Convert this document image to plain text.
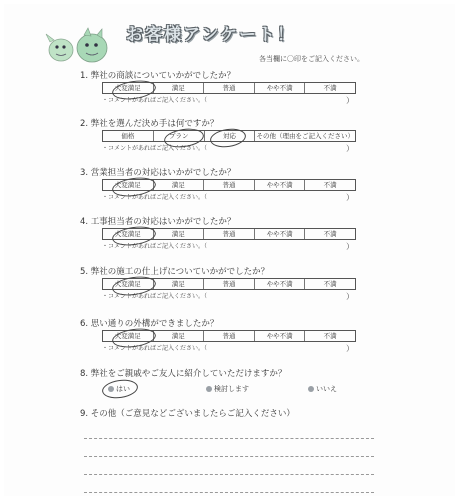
お客様アンケート！
各当欄に〇印をご記入ください。
1. 弊社の商談についていかがでしたか？
大変満足	満足	普通	やや不満	不満
・コメントがあればご記入ください。（	）
2. 弊社を選んだ決め手は何ですか？
価格	プラン	対応	その他（理由をご記入ください）
・コメントがあればご記入ください。（	）
3. 営業担当者の対応はいかがでしたか？
大変満足	満足	普通	やや不満	不満
・コメントがあればご記入ください。（	）
4. 工事担当者の対応はいかがでしたか？
大変満足	満足	普通	やや不満	不満
・コメントがあればご記入ください。（	）
5. 弊社の施工の仕上げについていかがでしたか？
大変満足	満足	普通	やや不満	不満
・コメントがあればご記入ください。（	）
6. 思い通りの外構ができましたか？
大変満足	満足	普通	やや不満	不満
・コメントがあればご記入ください。（	）
8. 弊社をご親戚やご友人に紹介していただけますか？
はい	検討します	いいえ
9. その他（ご意見などございましたらご記入ください）
